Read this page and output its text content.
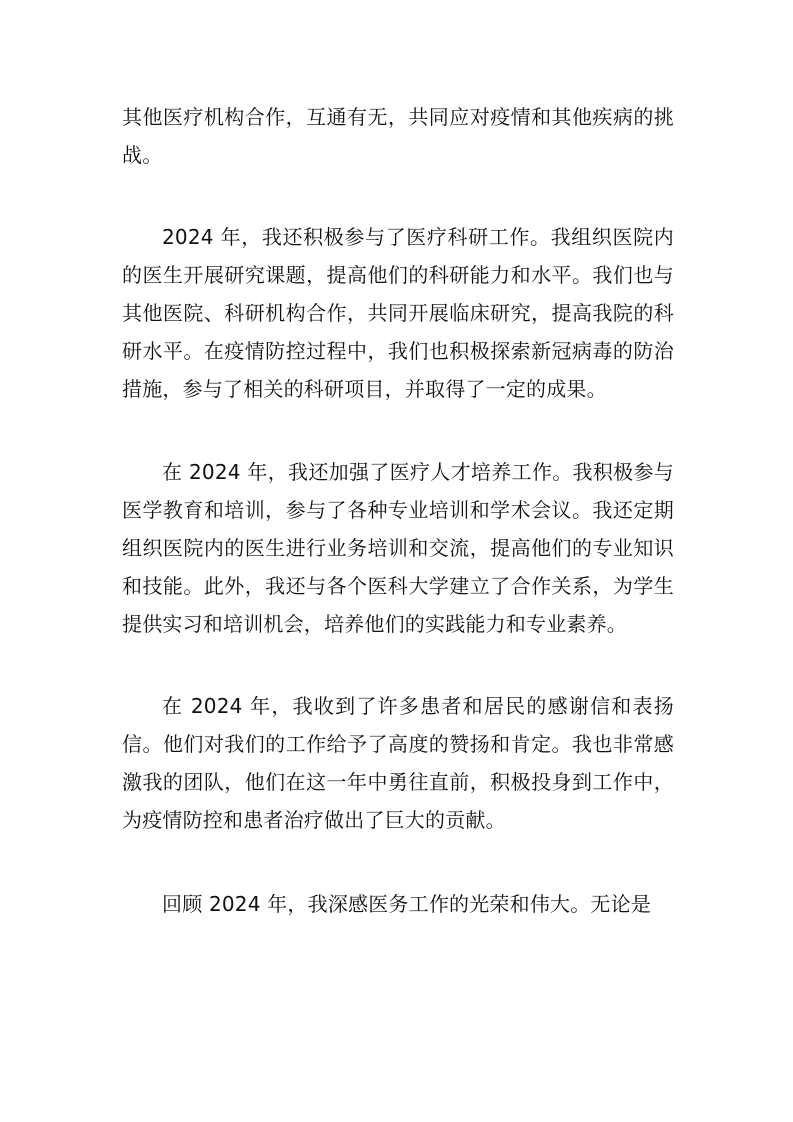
其他医疗机构合作，互通有无，共同应对疫情和其他疾病的挑战。

2024 年，我还积极参与了医疗科研工作。我组织医院内的医生开展研究课题，提高他们的科研能力和水平。我们也与其他医院、科研机构合作，共同开展临床研究，提高我院的科研水平。在疫情防控过程中，我们也积极探索新冠病毒的防治措施，参与了相关的科研项目，并取得了一定的成果。

在 2024 年，我还加强了医疗人才培养工作。我积极参与医学教育和培训，参与了各种专业培训和学术会议。我还定期组织医院内的医生进行业务培训和交流，提高他们的专业知识和技能。此外，我还与各个医科大学建立了合作关系，为学生提供实习和培训机会，培养他们的实践能力和专业素养。

在 2024 年，我收到了许多患者和居民的感谢信和表扬信。他们对我们的工作给予了高度的赞扬和肯定。我也非常感激我的团队，他们在这一年中勇往直前，积极投身到工作中，为疫情防控和患者治疗做出了巨大的贡献。

回顾 2024 年，我深感医务工作的光荣和伟大。无论是
